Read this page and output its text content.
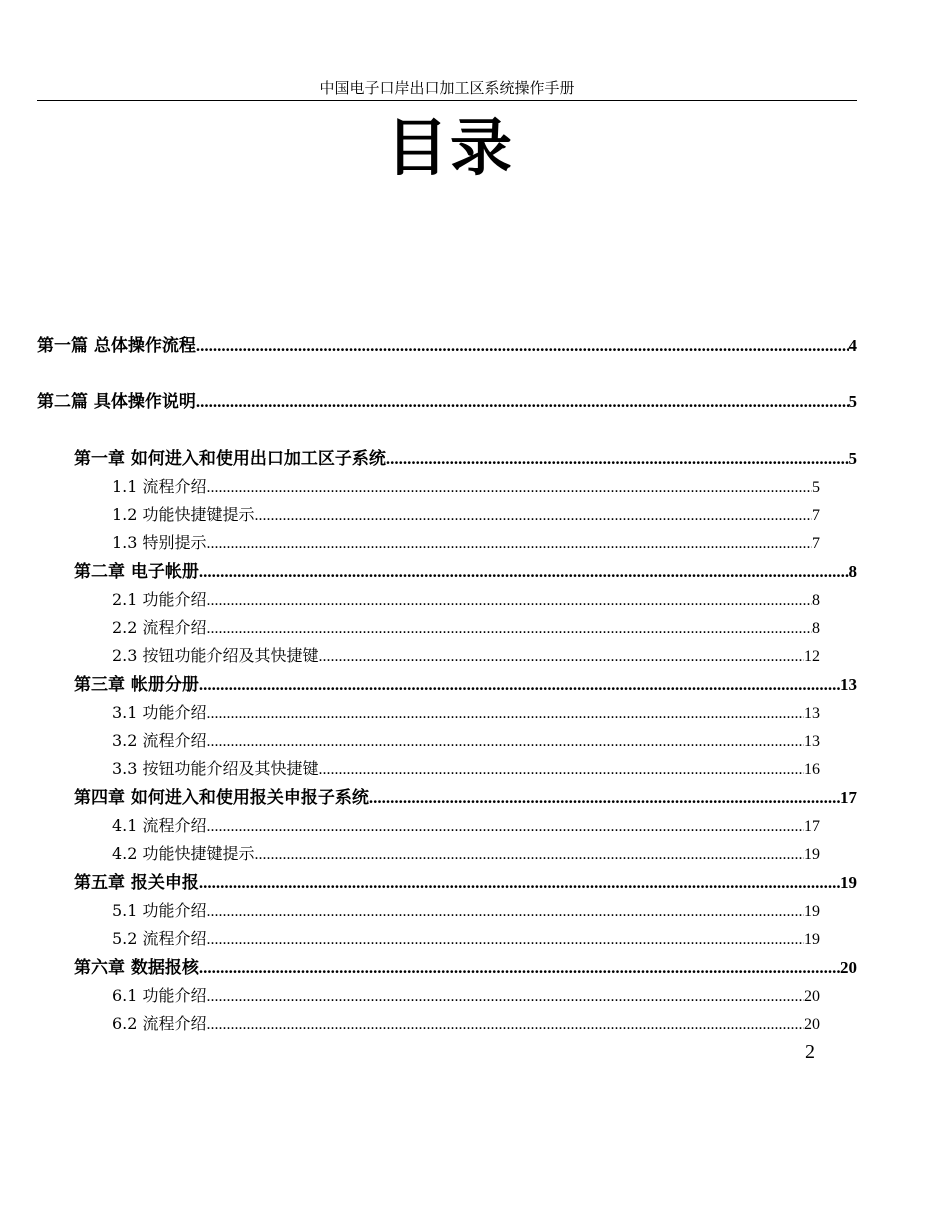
中国电子口岸出口加工区系统操作手册
目录
第一篇 总体操作流程 .....	4
第二篇 具体操作说明 .....	5
第一章 如何进入和使用出口加工区子系统 .....	5
1.1 流程介绍 .....	5
1.2 功能快捷键提示 .....	7
1.3 特别提示 .....	7
第二章 电子帐册 .....	8
2.1 功能介绍 .....	8
2.2 流程介绍 .....	8
2.3 按钮功能介绍及其快捷键 .....	12
第三章 帐册分册 .....	13
3.1 功能介绍 .....	13
3.2 流程介绍 .....	13
3.3 按钮功能介绍及其快捷键 .....	16
第四章 如何进入和使用报关申报子系统 .....	17
4.1 流程介绍 .....	17
4.2 功能快捷键提示 .....	19
第五章 报关申报 .....	19
5.1 功能介绍 .....	19
5.2 流程介绍 .....	19
第六章 数据报核 .....	20
6.1 功能介绍 .....	20
6.2 流程介绍 .....	20
2
